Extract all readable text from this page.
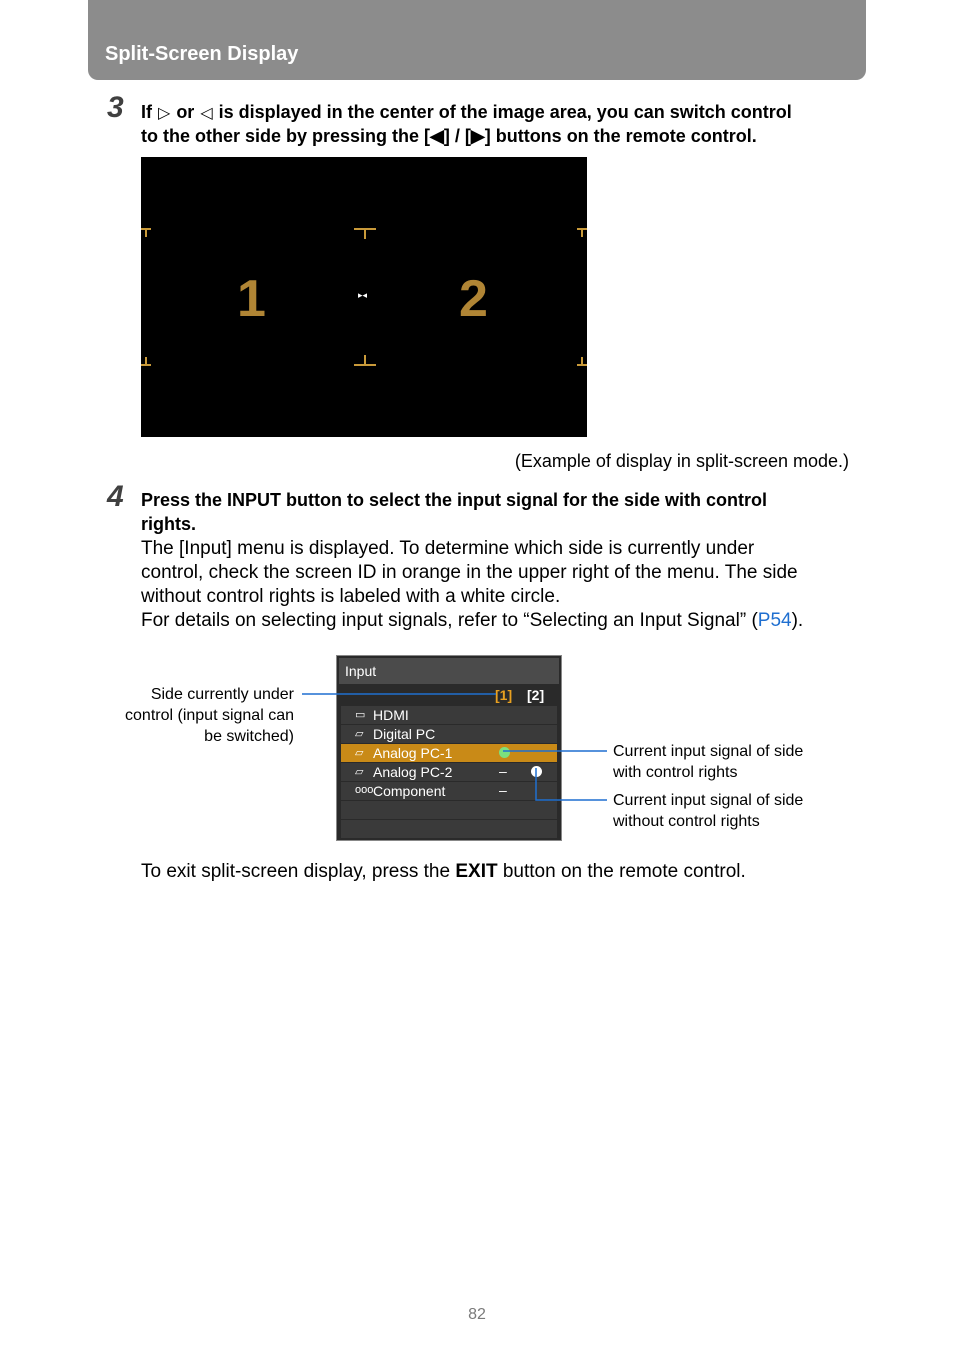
Split-Screen Display
3 If ▷ or ◁ is displayed in the center of the image area, you can switch control
to the other side by pressing the [◀] / [▶] buttons on the remote control.
1	2
▸◂
(Example of display in split-screen mode.)
4 Press the INPUT button to select the input signal for the side with control
rights.
The [Input] menu is displayed. To determine which side is currently under
control, check the screen ID in orange in the upper right of the menu. The side
without control rights is labeled with a white circle.
For details on selecting input signals, refer to “Selecting an Input Signal” (P54).
Input
[1] [2]
▭ HDMI
▱ Digital PC
▱ Analog PC-1
▱ Analog PC-2	–
ooo Component	–
Side currently under
control (input signal can
be switched)
Current input signal of side
with control rights
Current input signal of side
without control rights
To exit split-screen display, press the EXIT button on the remote control.
82
